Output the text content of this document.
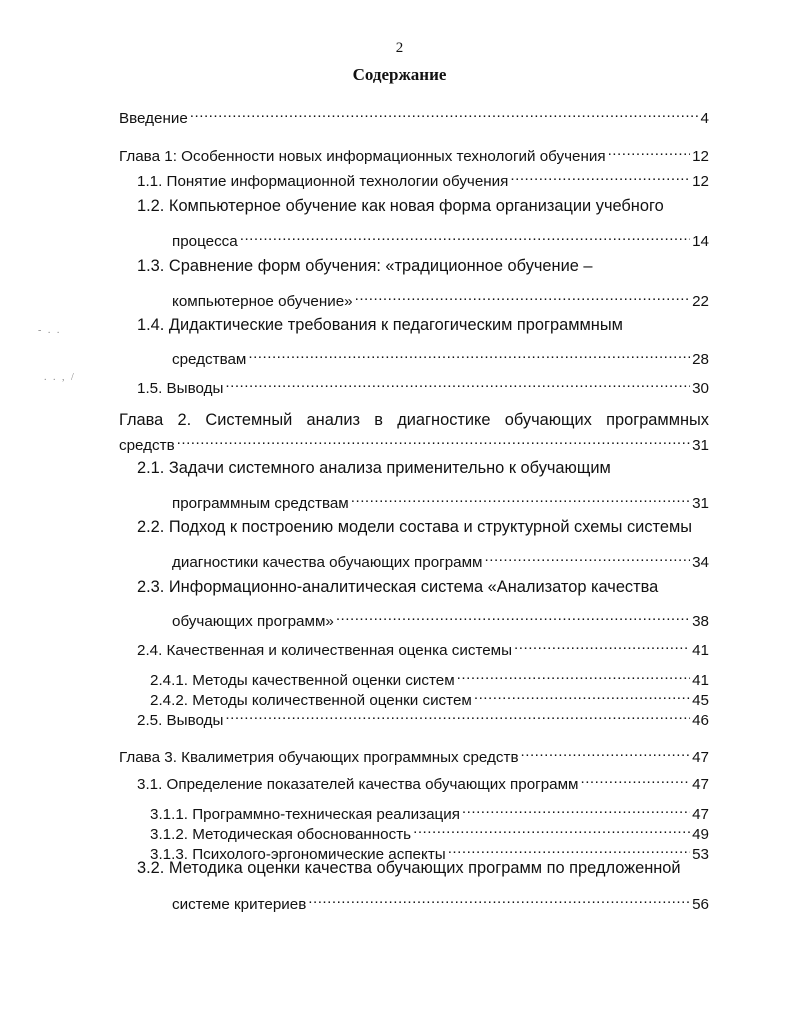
2
Содержание
Введение .....	4
Глава 1: Особенности новых информационных технологий обучения .....	12
1.1. Понятие информационной технологии обучения .....	12
1.2. Компьютерное обучение как новая форма организации учебного
процесса .....	14
1.3. Сравнение форм обучения: «традиционное обучение –
компьютерное обучение» .....	22
1.4. Дидактические требования к педагогическим программным
средствам .....	28
1.5. Выводы .....	30
Глава 2. Системный анализ в диагностике обучающих программных
средств .....	31
2.1. Задачи системного анализа применительно к обучающим
программным средствам .....	31
2.2. Подход к построению модели состава и структурной схемы системы
диагностики качества обучающих программ .....	34
2.3. Информационно-аналитическая система «Анализатор качества
обучающих программ» .....	38
2.4. Качественная и количественная оценка системы .....	41
2.4.1. Методы качественной оценки систем .....	41
2.4.2. Методы количественной оценки систем .....	45
2.5. Выводы .....	46
Глава 3. Квалиметрия обучающих программных средств .....	47
3.1. Определение показателей качества обучающих программ .....	47
3.1.1. Программно-техническая реализация .....	47
3.1.2. Методическая обоснованность .....	49
3.1.3. Психолого-эргономические аспекты .....	53
3.2. Методика оценки качества обучающих программ по предложенной
системе критериев .....	56
- . .
. . , /
